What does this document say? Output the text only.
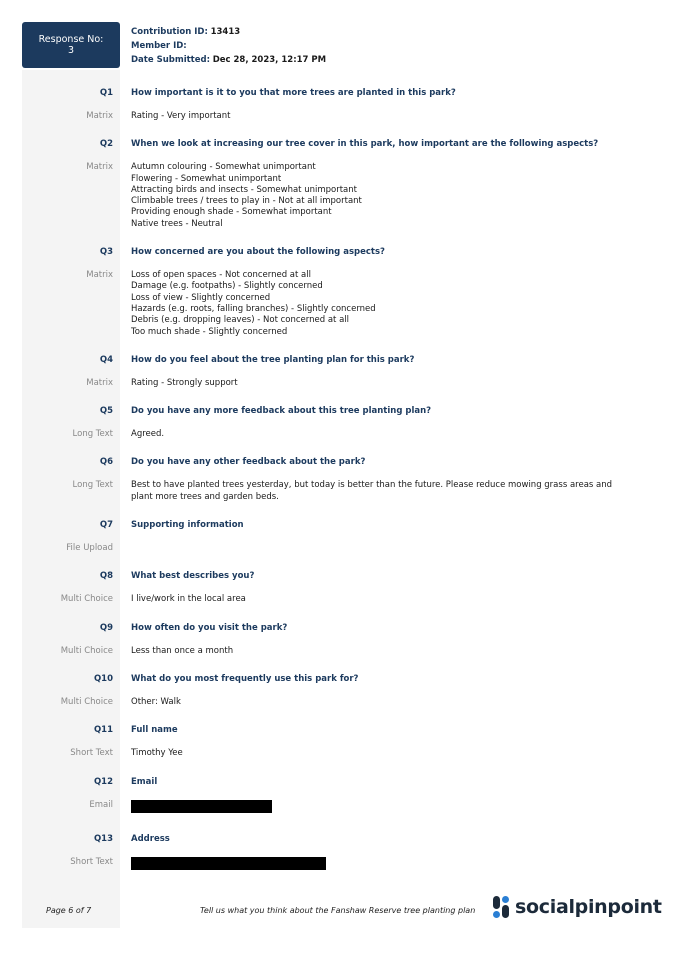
Response No:
3
Contribution ID: 13413
Member ID:
Date Submitted: Dec 28, 2023, 12:17 PM
Q1 How important is it to you that more trees are planted in this park?
Matrix Rating - Very important
Q2 When we look at increasing our tree cover in this park, how important are the following aspects?
Matrix Autumn colouring - Somewhat unimportant
Flowering - Somewhat unimportant
Attracting birds and insects - Somewhat unimportant
Climbable trees / trees to play in - Not at all important
Providing enough shade - Somewhat important
Native trees - Neutral
Q3 How concerned are you about the following aspects?
Matrix Loss of open spaces - Not concerned at all
Damage (e.g. footpaths) - Slightly concerned
Loss of view - Slightly concerned
Hazards (e.g. roots, falling branches) - Slightly concerned
Debris (e.g. dropping leaves) - Not concerned at all
Too much shade - Slightly concerned
Q4 How do you feel about the tree planting plan for this park?
Matrix Rating - Strongly support
Q5 Do you have any more feedback about this tree planting plan?
Long Text Agreed.
Q6 Do you have any other feedback about the park?
Long Text Best to have planted trees yesterday, but today is better than the future. Please reduce mowing grass areas and plant more trees and garden beds.
Q7 Supporting information
File Upload
Q8 What best describes you?
Multi Choice I live/work in the local area
Q9 How often do you visit the park?
Multi Choice Less than once a month
Q10 What do you most frequently use this park for?
Multi Choice Other: Walk
Q11 Full name
Short Text Timothy Yee
Q12 Email
Email
Q13 Address
Short Text
Page 6 of 7	Tell us what you think about the Fanshaw Reserve tree planting plan socialpinpoint
